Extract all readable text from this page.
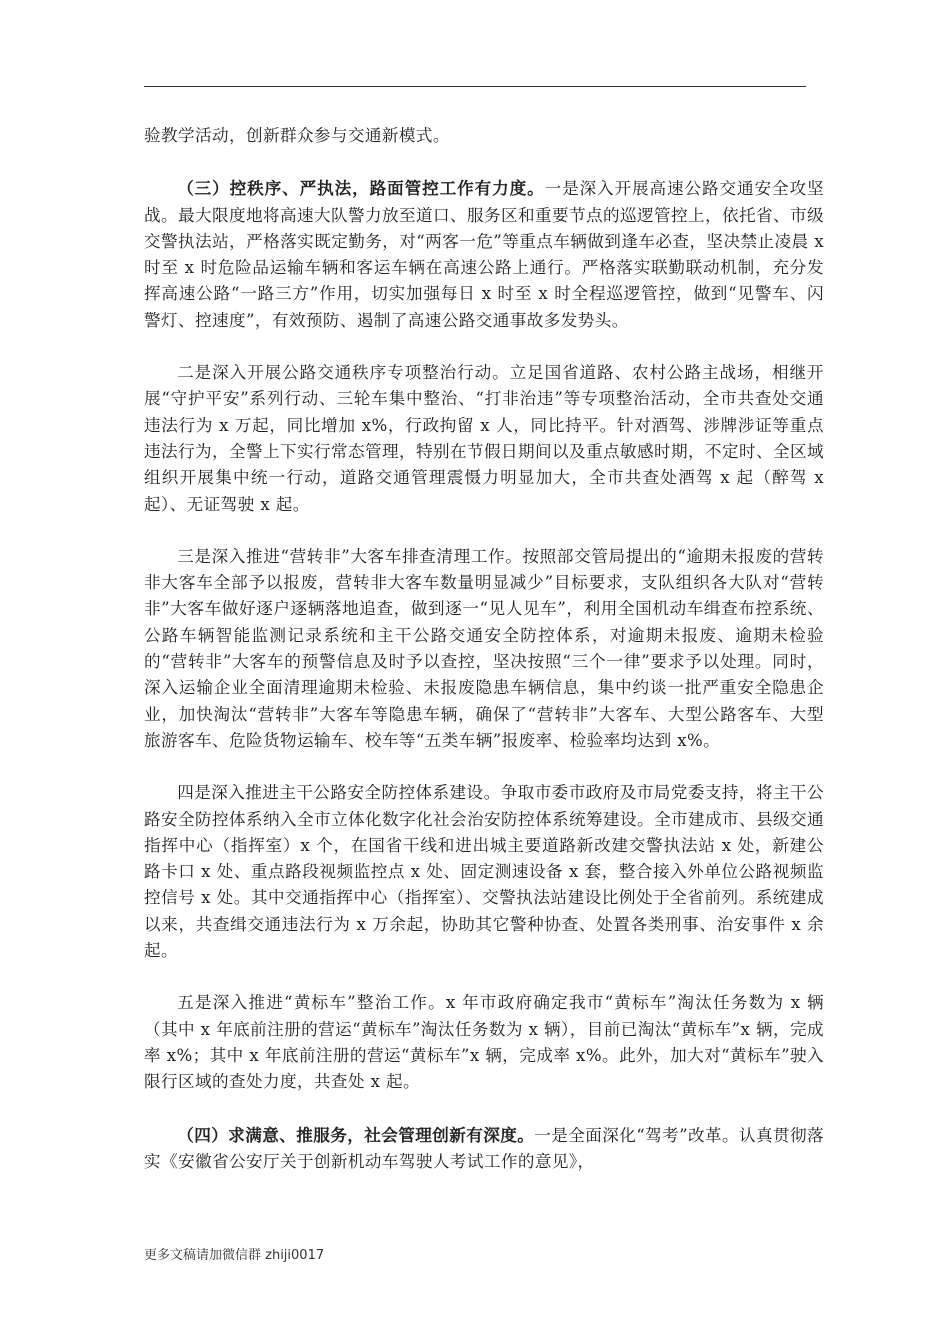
验教学活动，创新群众参与交通新模式。

（三）控秩序、严执法，路面管控工作有力度。一是深入开展高速公路交通安全攻坚战。最大限度地将高速大队警力放至道口、服务区和重要节点的巡逻管控上，依托省、市级交警执法站，严格落实既定勤务，对“两客一危”等重点车辆做到逢车必查，坚决禁止凌晨 x 时至 x 时危险品运输车辆和客运车辆在高速公路上通行。严格落实联勤联动机制，充分发挥高速公路“一路三方”作用，切实加强每日 x 时至 x 时全程巡逻管控，做到“见警车、闪警灯、控速度”，有效预防、遏制了高速公路交通事故多发势头。

二是深入开展公路交通秩序专项整治行动。立足国省道路、农村公路主战场，相继开展“守护平安”系列行动、三轮车集中整治、“打非治违”等专项整治活动，全市共查处交通违法行为 x 万起，同比增加 x%，行政拘留 x 人，同比持平。针对酒驾、涉牌涉证等重点违法行为，全警上下实行常态管理，特别在节假日期间以及重点敏感时期，不定时、全区域组织开展集中统一行动，道路交通管理震慑力明显加大，全市共查处酒驾 x 起（醉驾 x 起）、无证驾驶 x 起。

三是深入推进“营转非”大客车排查清理工作。按照部交管局提出的“逾期未报废的营转非大客车全部予以报废，营转非大客车数量明显减少”目标要求，支队组织各大队对“营转非”大客车做好逐户逐辆落地追查，做到逐一“见人见车”，利用全国机动车缉查布控系统、公路车辆智能监测记录系统和主干公路交通安全防控体系，对逾期未报废、逾期未检验的“营转非”大客车的预警信息及时予以查控，坚决按照“三个一律”要求予以处理。同时，深入运输企业全面清理逾期未检验、未报废隐患车辆信息，集中约谈一批严重安全隐患企业，加快淘汰“营转非”大客车等隐患车辆，确保了“营转非”大客车、大型公路客车、大型旅游客车、危险货物运输车、校车等“五类车辆”报废率、检验率均达到 x%。

四是深入推进主干公路安全防控体系建设。争取市委市政府及市局党委支持，将主干公路安全防控体系纳入全市立体化数字化社会治安防控体系统筹建设。全市建成市、县级交通指挥中心（指挥室）x 个，在国省干线和进出城主要道路新改建交警执法站 x 处，新建公路卡口 x 处、重点路段视频监控点 x 处、固定测速设备 x 套，整合接入外单位公路视频监控信号 x 处。其中交通指挥中心（指挥室）、交警执法站建设比例处于全省前列。系统建成以来，共查缉交通违法行为 x 万余起，协助其它警种协查、处置各类刑事、治安事件 x 余起。

五是深入推进“黄标车”整治工作。x 年市政府确定我市“黄标车”淘汰任务数为 x 辆（其中 x 年底前注册的营运“黄标车”淘汰任务数为 x 辆），目前已淘汰“黄标车”x 辆，完成率 x%；其中 x 年底前注册的营运“黄标车”x 辆，完成率 x%。此外，加大对“黄标车”驶入限行区域的查处力度，共查处 x 起。

（四）求满意、推服务，社会管理创新有深度。一是全面深化“驾考”改革。认真贯彻落实《安徽省公安厅关于创新机动车驾驶人考试工作的意见》，

更多文稿请加微信群 zhiji0017
